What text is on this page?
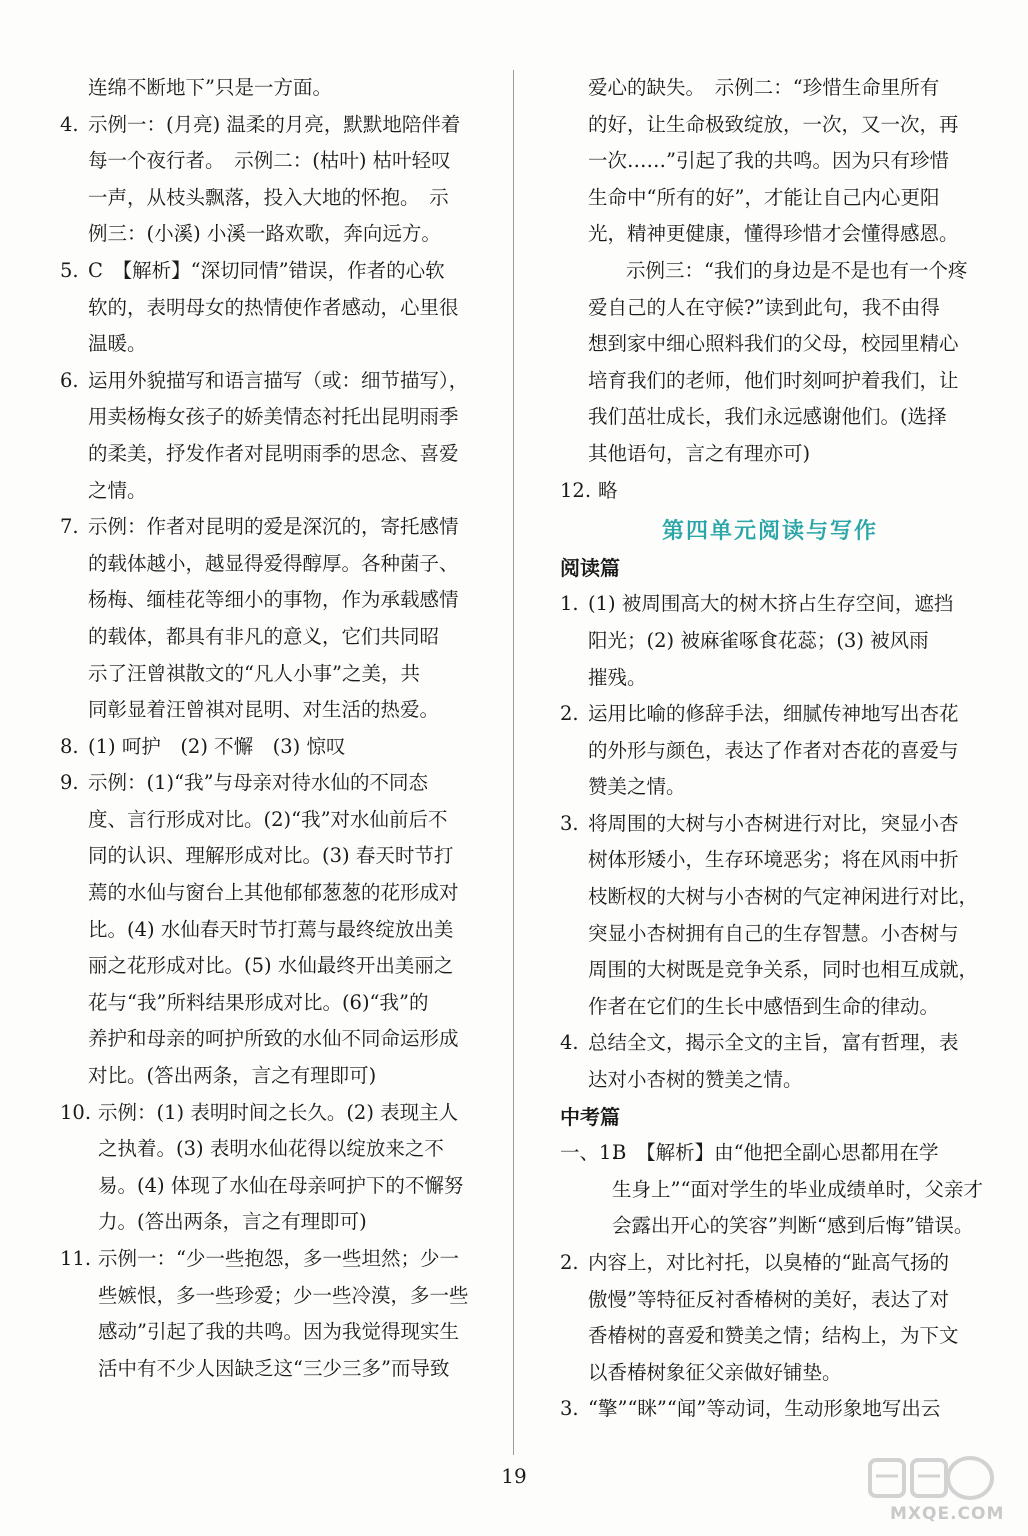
连绵不断地下”只是一方面。
4. 示例一：(月亮) 温柔的月亮，默默地陪伴着
每一个夜行者。　示例二：(枯叶) 枯叶轻叹
一声，从枝头飘落，投入大地的怀抱。　示
例三：(小溪) 小溪一路欢歌，奔向远方。
5. C　【解析】“深切同情”错误，作者的心软
软的，表明母女的热情使作者感动，心里很
温暖。
6. 运用外貌描写和语言描写（或：细节描写），
用卖杨梅女孩子的娇美情态衬托出昆明雨季
的柔美，抒发作者对昆明雨季的思念、喜爱
之情。
7. 示例：作者对昆明的爱是深沉的，寄托感情
的载体越小，越显得爱得醇厚。各种菌子、
杨梅、缅桂花等细小的事物，作为承载感情
的载体，都具有非凡的意义，它们共同昭
示了汪曾祺散文的“凡人小事”之美，共
同彰显着汪曾祺对昆明、对生活的热爱。
8. (1) 呵护　(2) 不懈　(3) 惊叹
9. 示例：(1)“我”与母亲对待水仙的不同态
度、言行形成对比。(2)“我”对水仙前后不
同的认识、理解形成对比。(3) 春天时节打
蔫的水仙与窗台上其他郁郁葱葱的花形成对
比。(4) 水仙春天时节打蔫与最终绽放出美
丽之花形成对比。(5) 水仙最终开出美丽之
花与“我”所料结果形成对比。(6)“我”的
养护和母亲的呵护所致的水仙不同命运形成
对比。(答出两条，言之有理即可)
10. 示例：(1) 表明时间之长久。(2) 表现主人
之执着。(3) 表明水仙花得以绽放来之不
易。(4) 体现了水仙在母亲呵护下的不懈努
力。(答出两条，言之有理即可)
11. 示例一：“少一些抱怨，多一些坦然；少一
些嫉恨，多一些珍爱；少一些冷漠，多一些
感动”引起了我的共鸣。因为我觉得现实生
活中有不少人因缺乏这“三少三多”而导致
爱心的缺失。　示例二：“珍惜生命里所有
的好，让生命极致绽放，一次，又一次，再
一次……”引起了我的共鸣。因为只有珍惜
生命中“所有的好”，才能让自己内心更阳
光，精神更健康，懂得珍惜才会懂得感恩。
示例三：“我们的身边是不是也有一个疼
爱自己的人在守候?”读到此句，我不由得
想到家中细心照料我们的父母，校园里精心
培育我们的老师，他们时刻呵护着我们，让
我们茁壮成长，我们永远感谢他们。(选择
其他语句，言之有理亦可)
12. 略
第四单元阅读与写作
阅读篇
1. (1) 被周围高大的树木挤占生存空间，遮挡
阳光；(2) 被麻雀啄食花蕊；(3) 被风雨
摧残。
2. 运用比喻的修辞手法，细腻传神地写出杏花
的外形与颜色，表达了作者对杏花的喜爱与
赞美之情。
3. 将周围的大树与小杏树进行对比，突显小杏
树体形矮小，生存环境恶劣；将在风雨中折
枝断杈的大树与小杏树的气定神闲进行对比，
突显小杏树拥有自己的生存智慧。小杏树与
周围的大树既是竞争关系，同时也相互成就，
作者在它们的生长中感悟到生命的律动。
4. 总结全文，揭示全文的主旨，富有哲理，表
达对小杏树的赞美之情。
中考篇
一、1.
B　【解析】由“他把全副心思都用在学
生身上”“面对学生的毕业成绩单时，父亲才
会露出开心的笑容”判断“感到后悔”错误。
2. 内容上，对比衬托，以臭椿的“趾高气扬的
傲慢”等特征反衬香椿树的美好，表达了对
香椿树的喜爱和赞美之情；结构上，为下文
以香椿树象征父亲做好铺垫。
3. “擎”“眯”“闻”等动词，生动形象地写出云
19
MXQE.COM
